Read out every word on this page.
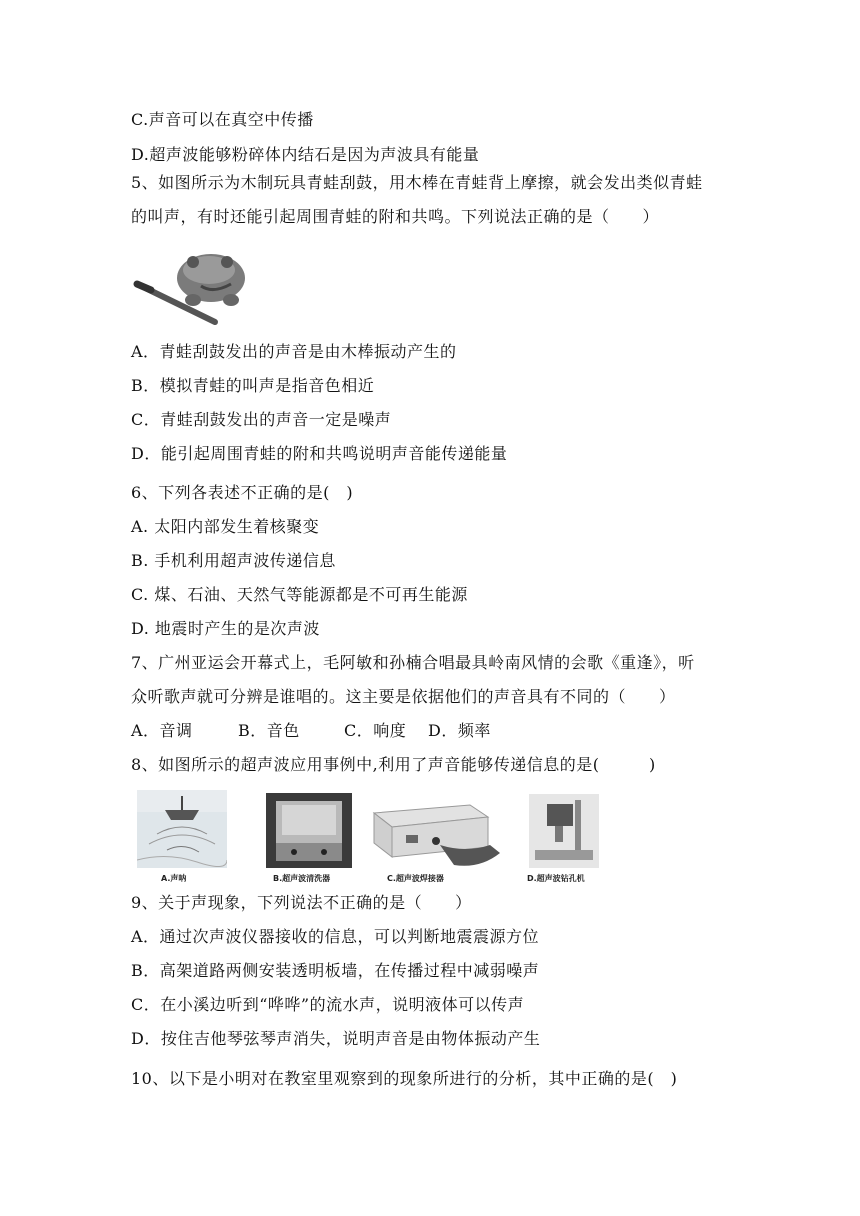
C.声音可以在真空中传播
D.超声波能够粉碎体内结石是因为声波具有能量
5、如图所示为木制玩具青蛙刮鼓，用木棒在青蛙背上摩擦，就会发出类似青蛙
的叫声，有时还能引起周围青蛙的附和共鸣。下列说法正确的是（　　）
A．青蛙刮鼓发出的声音是由木棒振动产生的
B．模拟青蛙的叫声是指音色相近
C．青蛙刮鼓发出的声音一定是噪声
D．能引起周围青蛙的附和共鸣说明声音能传递能量
6、下列各表述不正确的是(　)
A. 太阳内部发生着核聚变
B. 手机利用超声波传递信息
C. 煤、石油、天然气等能源都是不可再生能源
D. 地震时产生的是次声波
7、广州亚运会开幕式上，毛阿敏和孙楠合唱最具岭南风情的会歌《重逢》，听
众听歌声就可分辨是谁唱的。这主要是依据他们的声音具有不同的（　　）
A．音调	B．音色	C．响度 D．频率
8、如图所示的超声波应用事例中,利用了声音能够传递信息的是(　　　)
A.声呐	B.超声波清洗器	C.超声波焊接器	D.超声波钻孔机
9、关于声现象，下列说法不正确的是（　　）
A．通过次声波仪器接收的信息，可以判断地震震源方位
B．高架道路两侧安装透明板墙，在传播过程中减弱噪声
C．在小溪边听到“哗哗”的流水声，说明液体可以传声
D．按住吉他琴弦琴声消失，说明声音是由物体振动产生
10、以下是小明对在教室里观察到的现象所进行的分析，其中正确的是(　)
